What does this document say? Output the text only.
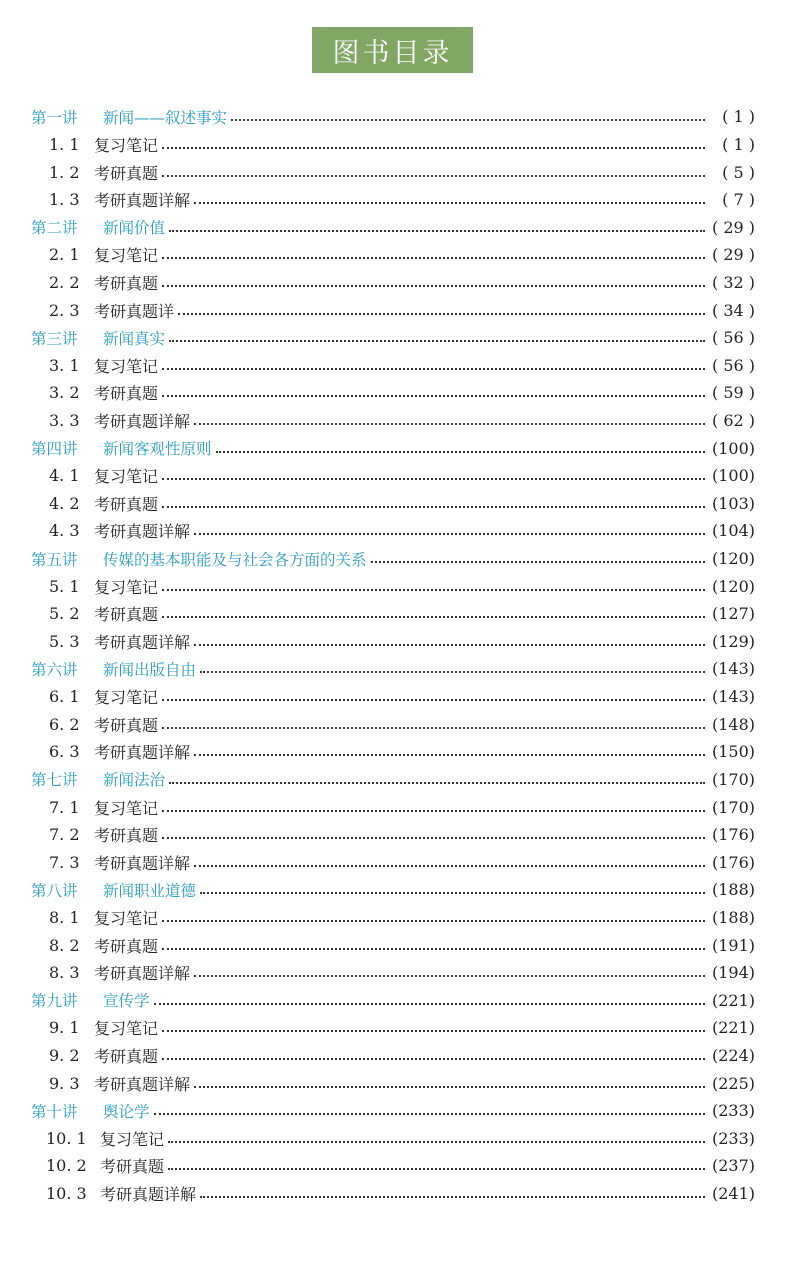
图书目录
第一讲	新闻——叙述事实	( 1 )
1. 1 复习笔记	( 1 )
1. 2 考研真题	( 5 )
1. 3 考研真题详解	( 7 )
第二讲	新闻价值	( 29 )
2. 1 复习笔记	( 29 )
2. 2 考研真题	( 32 )
2. 3 考研真题详	( 34 )
第三讲	新闻真实	( 56 )
3. 1 复习笔记	( 56 )
3. 2 考研真题	( 59 )
3. 3 考研真题详解	( 62 )
第四讲	新闻客观性原则	(100)
4. 1 复习笔记	(100)
4. 2 考研真题	(103)
4. 3 考研真题详解	(104)
第五讲	传媒的基本职能及与社会各方面的关系	(120)
5. 1 复习笔记	(120)
5. 2 考研真题	(127)
5. 3 考研真题详解	(129)
第六讲	新闻出版自由	(143)
6. 1 复习笔记	(143)
6. 2 考研真题	(148)
6. 3 考研真题详解	(150)
第七讲	新闻法治	(170)
7. 1 复习笔记	(170)
7. 2 考研真题	(176)
7. 3 考研真题详解	(176)
第八讲	新闻职业道德	(188)
8. 1 复习笔记	(188)
8. 2 考研真题	(191)
8. 3 考研真题详解	(194)
第九讲	宣传学	(221)
9. 1 复习笔记	(221)
9. 2 考研真题	(224)
9. 3 考研真题详解	(225)
第十讲	舆论学	(233)
10. 1 复习笔记	(233)
10. 2 考研真题	(237)
10. 3 考研真题详解	(241)
